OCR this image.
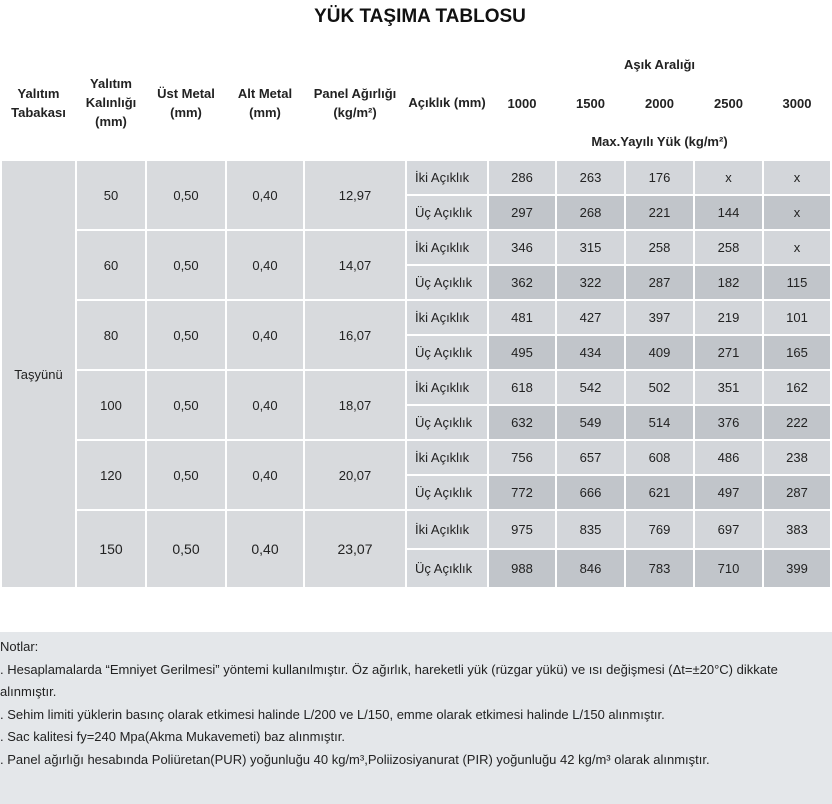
YÜK TAŞIMA TABLOSU
Yalıtım Tabakası	Yalıtım Kalınlığı (mm)	Üst Metal (mm)	Alt Metal (mm)	Panel Ağırlığı (kg/m²)	Açıklık (mm)	Aşık Aralığı				
						1000	1500	2000	2500	3000
						Max.Yayılı Yük (kg/m²)				
Taşyünü	50	0,50	0,40	12,97	İki Açıklık	286	263	176	x	x
					Üç Açıklık	297	268	221	144	x
	60	0,50	0,40	14,07	İki Açıklık	346	315	258	258	x
					Üç Açıklık	362	322	287	182	115
	80	0,50	0,40	16,07	İki Açıklık	481	427	397	219	101
					Üç Açıklık	495	434	409	271	165
	100	0,50	0,40	18,07	İki Açıklık	618	542	502	351	162
					Üç Açıklık	632	549	514	376	222
	120	0,50	0,40	20,07	İki Açıklık	756	657	608	486	238
					Üç Açıklık	772	666	621	497	287
	150	0,50	0,40	23,07	İki Açıklık	975	835	769	697	383
					Üç Açıklık	988	846	783	710	399
Notlar:
. Hesaplamalarda “Emniyet Gerilmesi” yöntemi kullanılmıştır. Öz ağırlık, hareketli yük (rüzgar yükü) ve ısı değişmesi (Δt=±20°C) dikkate alınmıştır.
. Sehim limiti yüklerin basınç olarak etkimesi halinde L/200 ve L/150, emme olarak etkimesi halinde L/150 alınmıştır.
. Sac kalitesi fy=240 Mpa(Akma Mukavemeti) baz alınmıştır.
. Panel ağırlığı hesabında Poliüretan(PUR) yoğunluğu 40 kg/m³,Poliizosiyanurat (PIR) yoğunluğu 42 kg/m³ olarak alınmıştır.
